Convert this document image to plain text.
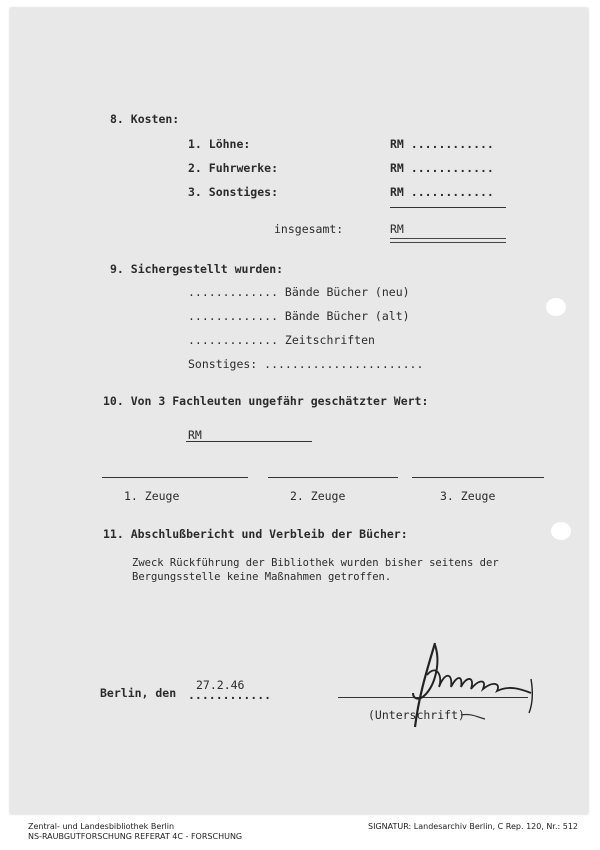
8. Kosten:
1. Löhne:	RM ............
2. Fuhrwerke:	RM ............
3. Sonstiges:	RM ............
insgesamt:	RM
9. Sichergestellt wurden:
............. Bände Bücher (neu)
............. Bände Bücher (alt)
............. Zeitschriften
Sonstiges: .......................
10. Von 3 Fachleuten ungefähr geschätzter Wert:
RM
1. Zeuge	2. Zeuge	3. Zeuge
11. Abschlußbericht und Verbleib der Bücher:
Zweck Rückführung der Bibliothek wurden bisher seitens der
Bergungsstelle keine Maßnahmen getroffen.
Berlin, den
27.2.46
............
(Unterschrift)
Zentral- und Landesbibliothek Berlin
NS-RAUBGUTFORSCHUNG REFERAT 4C - FORSCHUNG
SIGNATUR: Landesarchiv Berlin, C Rep. 120, Nr.: 512
